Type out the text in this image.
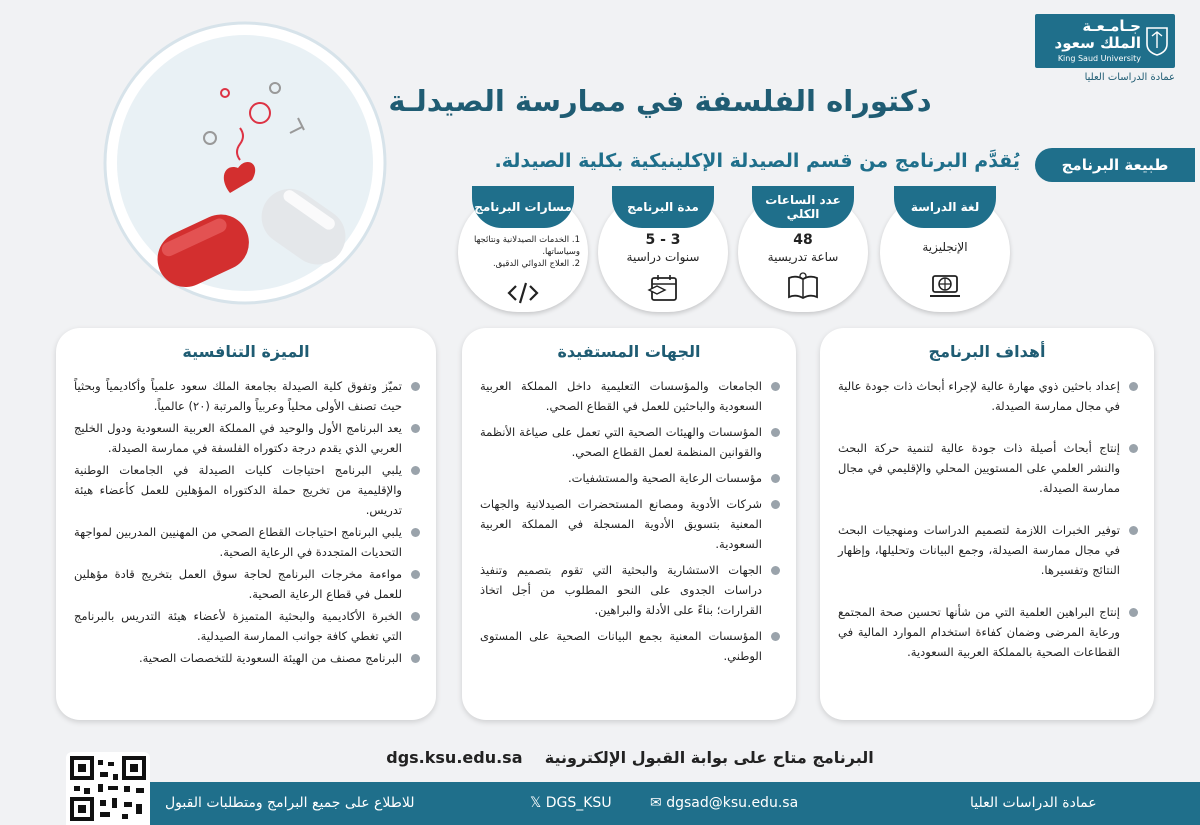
جـامـعـة
الملك سعود
King Saud University
عمادة الدراسات العليا
دكتوراه الفلسفة في ممارسة الصيدلـة
طبيعة البرنامج
يُقدَّم البرنامج من قسم الصيدلة الإكلينيكية بكلية الصيدلة.
لغة الدراسة
الإنجليزية
عدد الساعات الكلي
48
ساعة تدريسية
مدة البرنامج
3 - 5
سنوات دراسية
مسارات البرنامج
1. الخدمات الصيدلانية ونتائجها وسياساتها.
2. العلاج الدوائي الدقيق.
أهداف البرنامج
إعداد باحثين ذوي مهارة عالية لإجراء أبحاث ذات جودة عالية في مجال ممارسة الصيدلة.
إنتاج أبحاث أصيلة ذات جودة عالية لتنمية حركة البحث والنشر العلمي على المستويين المحلي والإقليمي في مجال ممارسة الصيدلة.
توفير الخبرات اللازمة لتصميم الدراسات ومنهجيات البحث في مجال ممارسة الصيدلة، وجمع البيانات وتحليلها، وإظهار النتائج وتفسيرها.
إنتاج البراهين العلمية التي من شأنها تحسين صحة المجتمع ورعاية المرضى وضمان كفاءة استخدام الموارد المالية في القطاعات الصحية بالمملكة العربية السعودية.
الجهات المستفيدة
الجامعات والمؤسسات التعليمية داخل المملكة العربية السعودية والباحثين للعمل في القطاع الصحي.
المؤسسات والهيئات الصحية التي تعمل على صياغة الأنظمة والقوانين المنظمة لعمل القطاع الصحي.
مؤسسات الرعاية الصحية والمستشفيات.
شركات الأدوية ومصانع المستحضرات الصيدلانية والجهات المعنية بتسويق الأدوية المسجلة في المملكة العربية السعودية.
الجهات الاستشارية والبحثية التي تقوم بتصميم وتنفيذ دراسات الجدوى على النحو المطلوب من أجل اتخاذ القرارات؛ بناءً على الأدلة والبراهين.
المؤسسات المعنية بجمع البيانات الصحية على المستوى الوطني.
الميزة التنافسية
تميّز وتفوق كلية الصيدلة بجامعة الملك سعود علمياً وأكاديمياً وبحثياً حيث تصنف الأولى محلياً وعربياً والمرتبة (٢٠) عالمياً.
يعد البرنامج الأول والوحيد في المملكة العربية السعودية ودول الخليج العربي الذي يقدم درجة دكتوراه الفلسفة في ممارسة الصيدلة.
يلبي البرنامج احتياجات كليات الصيدلة في الجامعات الوطنية والإقليمية من تخريج حملة الدكتوراه المؤهلين للعمل كأعضاء هيئة تدريس.
يلبي البرنامج احتياجات القطاع الصحي من المهنيين المدربين لمواجهة التحديات المتجددة في الرعاية الصحية.
مواءمة مخرجات البرنامج لحاجة سوق العمل بتخريج قادة مؤهلين للعمل في قطاع الرعاية الصحية.
الخبرة الأكاديمية والبحثية المتميزة لأعضاء هيئة التدريس بالبرنامج التي تغطي كافة جوانب الممارسة الصيدلية.
البرنامج مصنف من الهيئة السعودية للتخصصات الصحية.
البرنامج متاح على بوابة القبول الإلكترونية    dgs.ksu.edu.sa
للاطلاع على جميع البرامج ومتطلبات القبول	𝕏 DGS_KSU	✉ dgsad@ksu.edu.sa	عمادة الدراسات العليا
